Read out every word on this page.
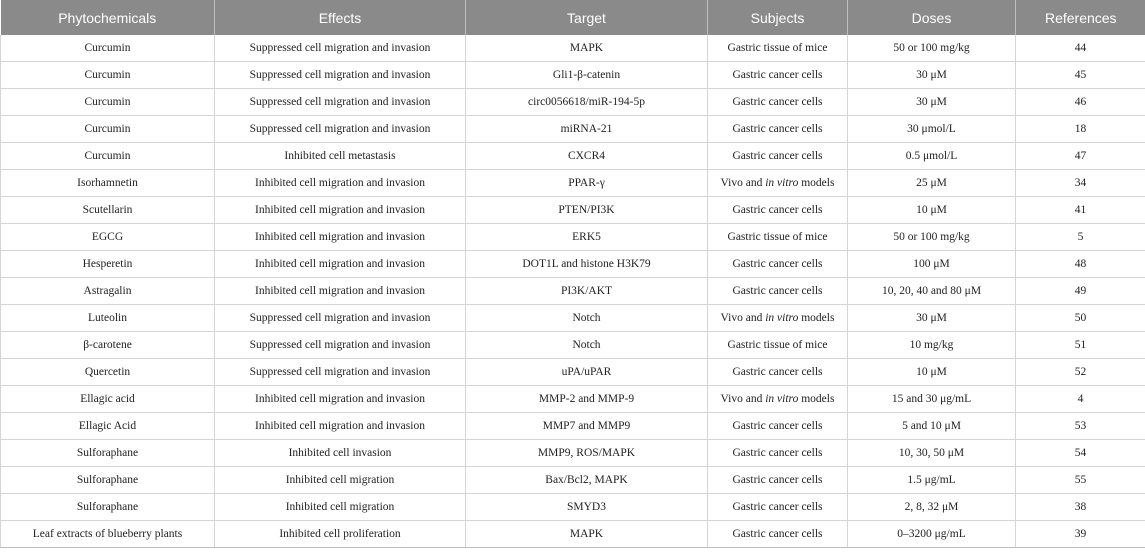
Phytochemicals	Effects	Target	Subjects	Doses	References
Curcumin	Suppressed cell migration and invasion	MAPK	Gastric tissue of mice	50 or 100 mg/kg	44
Curcumin	Suppressed cell migration and invasion	Gli1-β-catenin	Gastric cancer cells	30 μM	45
Curcumin	Suppressed cell migration and invasion	circ0056618/miR-194-5p	Gastric cancer cells	30 μM	46
Curcumin	Suppressed cell migration and invasion	miRNA-21	Gastric cancer cells	30 μmol/L	18
Curcumin	Inhibited cell metastasis	CXCR4	Gastric cancer cells	0.5 μmol/L	47
Isorhamnetin	Inhibited cell migration and invasion	PPAR-γ	Vivo and in vitro models	25 μM	34
Scutellarin	Inhibited cell migration and invasion	PTEN/PI3K	Gastric cancer cells	10 μM	41
EGCG	Inhibited cell migration and invasion	ERK5	Gastric tissue of mice	50 or 100 mg/kg	5
Hesperetin	Inhibited cell migration and invasion	DOT1L and histone H3K79	Gastric cancer cells	100 μM	48
Astragalin	Inhibited cell migration and invasion	PI3K/AKT	Gastric cancer cells	10, 20, 40 and 80 μM	49
Luteolin	Suppressed cell migration and invasion	Notch	Vivo and in vitro models	30 μM	50
β-carotene	Suppressed cell migration and invasion	Notch	Gastric tissue of mice	10 mg/kg	51
Quercetin	Suppressed cell migration and invasion	uPA/uPAR	Gastric cancer cells	10 μM	52
Ellagic acid	Inhibited cell migration and invasion	MMP-2 and MMP-9	Vivo and in vitro models	15 and 30 μg/mL	4
Ellagic Acid	Inhibited cell migration and invasion	MMP7 and MMP9	Gastric cancer cells	5 and 10 μM	53
Sulforaphane	Inhibited cell invasion	MMP9, ROS/MAPK	Gastric cancer cells	10, 30, 50 μM	54
Sulforaphane	Inhibited cell migration	Bax/Bcl2, MAPK	Gastric cancer cells	1.5 μg/mL	55
Sulforaphane	Inhibited cell migration	SMYD3	Gastric cancer cells	2, 8, 32 μM	38
Leaf extracts of blueberry plants	Inhibited cell proliferation	MAPK	Gastric cancer cells	0–3200 μg/mL	39
